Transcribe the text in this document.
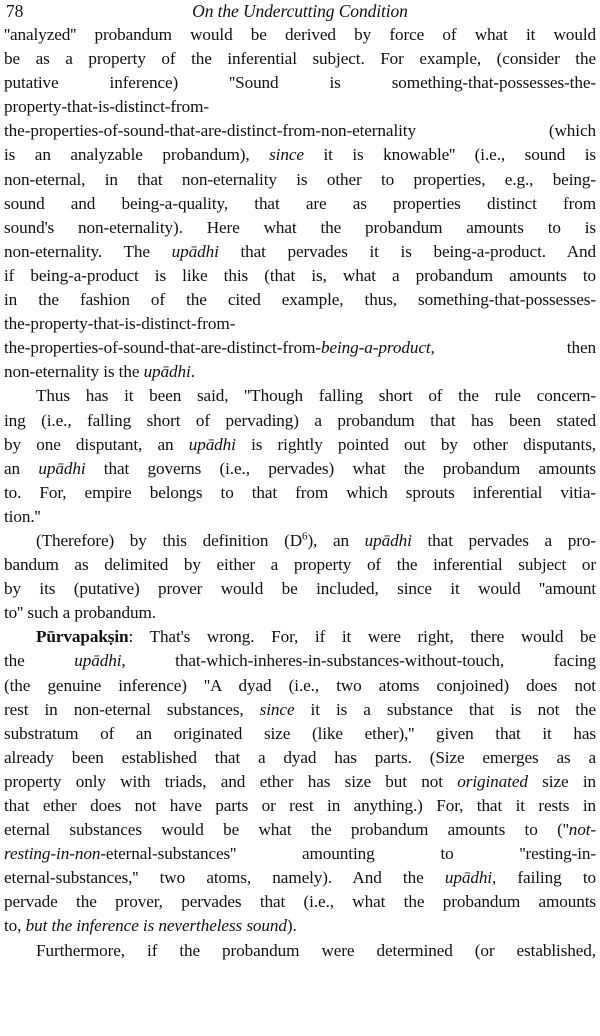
78	On the Undercutting Condition
''analyzed'' probandum would be derived by force of what it would
be as a property of the inferential subject. For example, (consider the
putative inference) ''Sound is something-that-possesses-the-
property-that-is-distinct-from-
the-properties-of-sound-that-are-distinct-from-non-eternality (which
is an analyzable probandum), since it is knowable'' (i.e., sound is
non-eternal, in that non-eternality is other to properties, e.g., being-
sound and being-a-quality, that are as properties distinct from
sound's non-eternality). Here what the probandum amounts to is
non-eternality. The upādhi that pervades it is being-a-product. And
if being-a-product is like this (that is, what a probandum amounts to
in the fashion of the cited example, thus, something-that-possesses-
the-property-that-is-distinct-from-
the-properties-of-sound-that-are-distinct-from-being-a-product, then
non-eternality is the upādhi.
Thus has it been said, ''Though falling short of the rule concern-
ing (i.e., falling short of pervading) a probandum that has been stated
by one disputant, an upādhi is rightly pointed out by other disputants,
an upādhi that governs (i.e., pervades) what the probandum amounts
to. For, empire belongs to that from which sprouts inferential vitia-
tion.''
(Therefore) by this definition $(D^6)$, an upādhi that pervades a pro-
bandum as delimited by either a property of the inferential subject or
by its (putative) prover would be included, since it would ''amount
to'' such a probandum.
Pūrvapakṣin: That's wrong. For, if it were right, there would be
the upādhi, that-which-inheres-in-substances-without-touch, facing
(the genuine inference) ''A dyad (i.e., two atoms conjoined) does not
rest in non-eternal substances, since it is a substance that is not the
substratum of an originated size (like ether),'' given that it has
already been established that a dyad has parts. (Size emerges as a
property only with triads, and ether has size but not originated size in
that ether does not have parts or rest in anything.) For, that it rests in
eternal substances would be what the probandum amounts to (''not-
resting-in-non-eternal-substances'' amounting to ''resting-in-
eternal-substances,'' two atoms, namely). And the upādhi, failing to
pervade the prover, pervades that (i.e., what the probandum amounts
to, but the inference is nevertheless sound).
Furthermore, if the probandum were determined (or established,
